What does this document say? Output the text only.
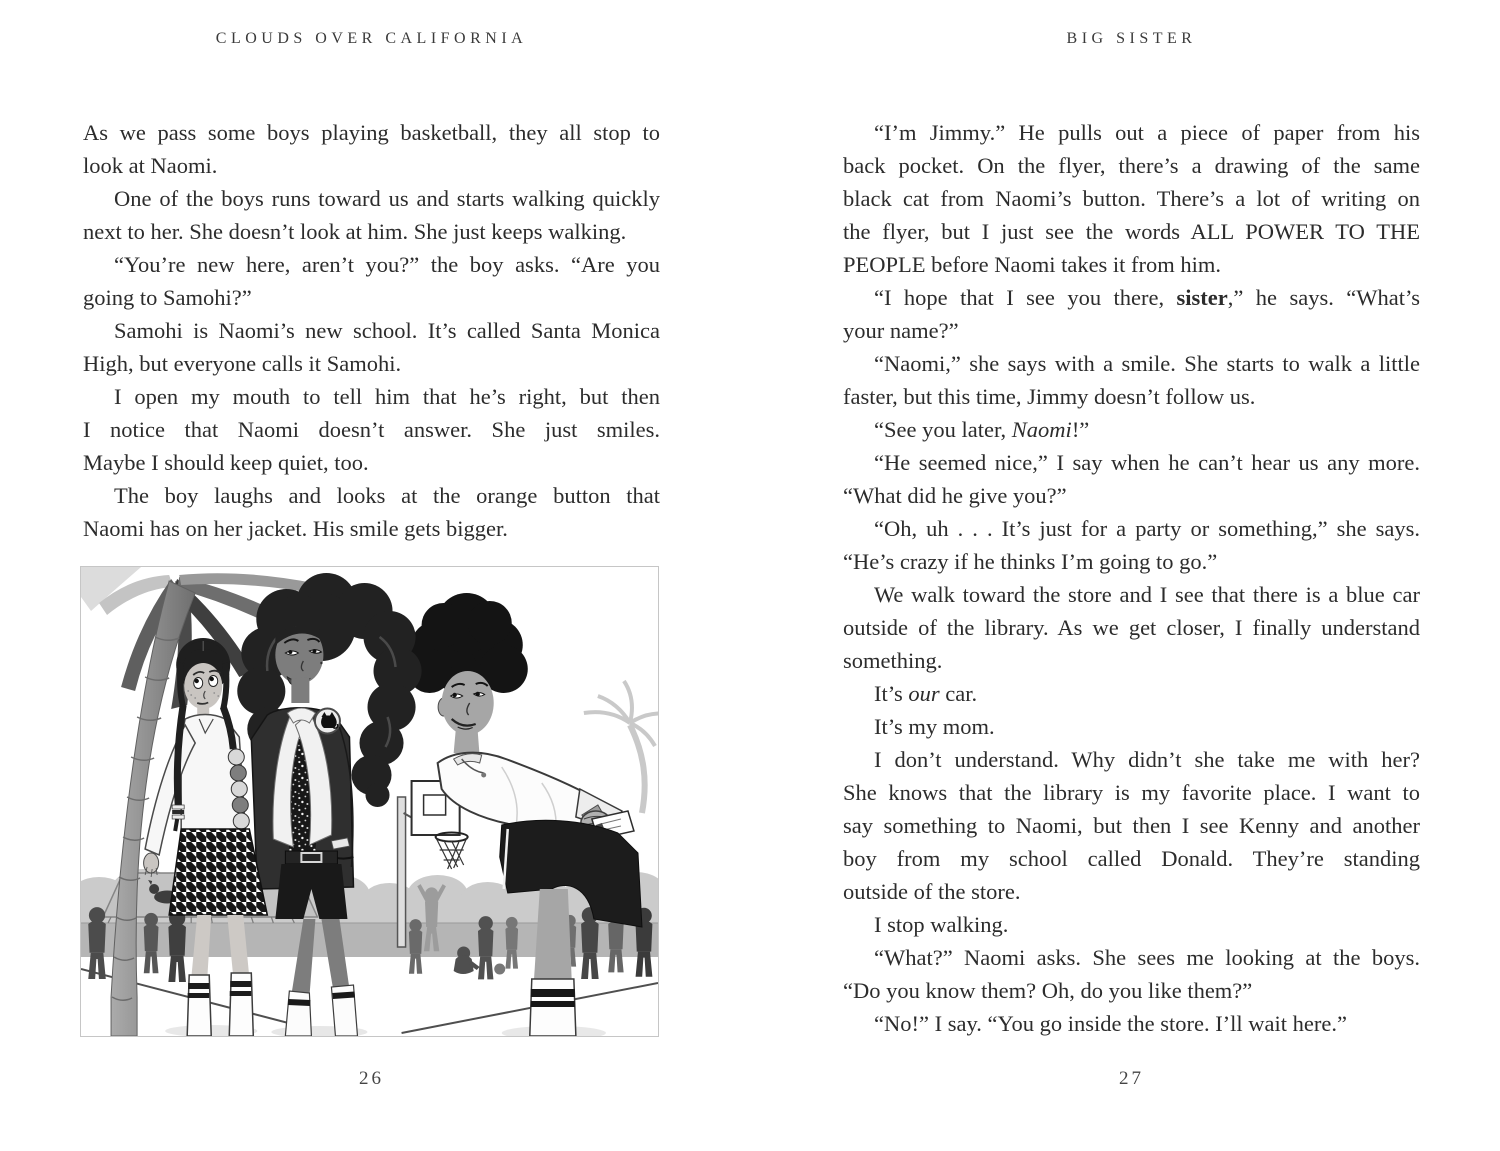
CLOUDS OVER CALIFORNIA
As we pass some boys playing basketball, they all stop to
look at Naomi.
One of the boys runs toward us and starts walking quickly
next to her. She doesn’t look at him. She just keeps walking.
“You’re new here, aren’t you?” the boy asks. “Are you
going to Samohi?”
Samohi is Naomi’s new school. It’s called Santa Monica
High, but everyone calls it Samohi.
I open my mouth to tell him that he’s right, but then
I notice that Naomi doesn’t answer. She just smiles.
Maybe I should keep quiet, too.
The boy laughs and looks at the orange button that
Naomi has on her jacket. His smile gets bigger.
26
BIG SISTER
“I’m Jimmy.” He pulls out a piece of paper from his
back pocket. On the flyer, there’s a drawing of the same
black cat from Naomi’s button. There’s a lot of writing on
the flyer, but I just see the words ALL POWER TO THE
PEOPLE before Naomi takes it from him.
“I hope that I see you there, sister,” he says. “What’s
your name?”
“Naomi,” she says with a smile. She starts to walk a little
faster, but this time, Jimmy doesn’t follow us.
“See you later, Naomi!”
“He seemed nice,” I say when he can’t hear us any more.
“What did he give you?”
“Oh, uh . . . It’s just for a party or something,” she says.
“He’s crazy if he thinks I’m going to go.”
We walk toward the store and I see that there is a blue car
outside of the library. As we get closer, I finally understand
something.
It’s our car.
It’s my mom.
I don’t understand. Why didn’t she take me with her?
She knows that the library is my favorite place. I want to
say something to Naomi, but then I see Kenny and another
boy from my school called Donald. They’re standing
outside of the store.
I stop walking.
“What?” Naomi asks. She sees me looking at the boys.
“Do you know them? Oh, do you like them?”
“No!” I say. “You go inside the store. I’ll wait here.”
27
